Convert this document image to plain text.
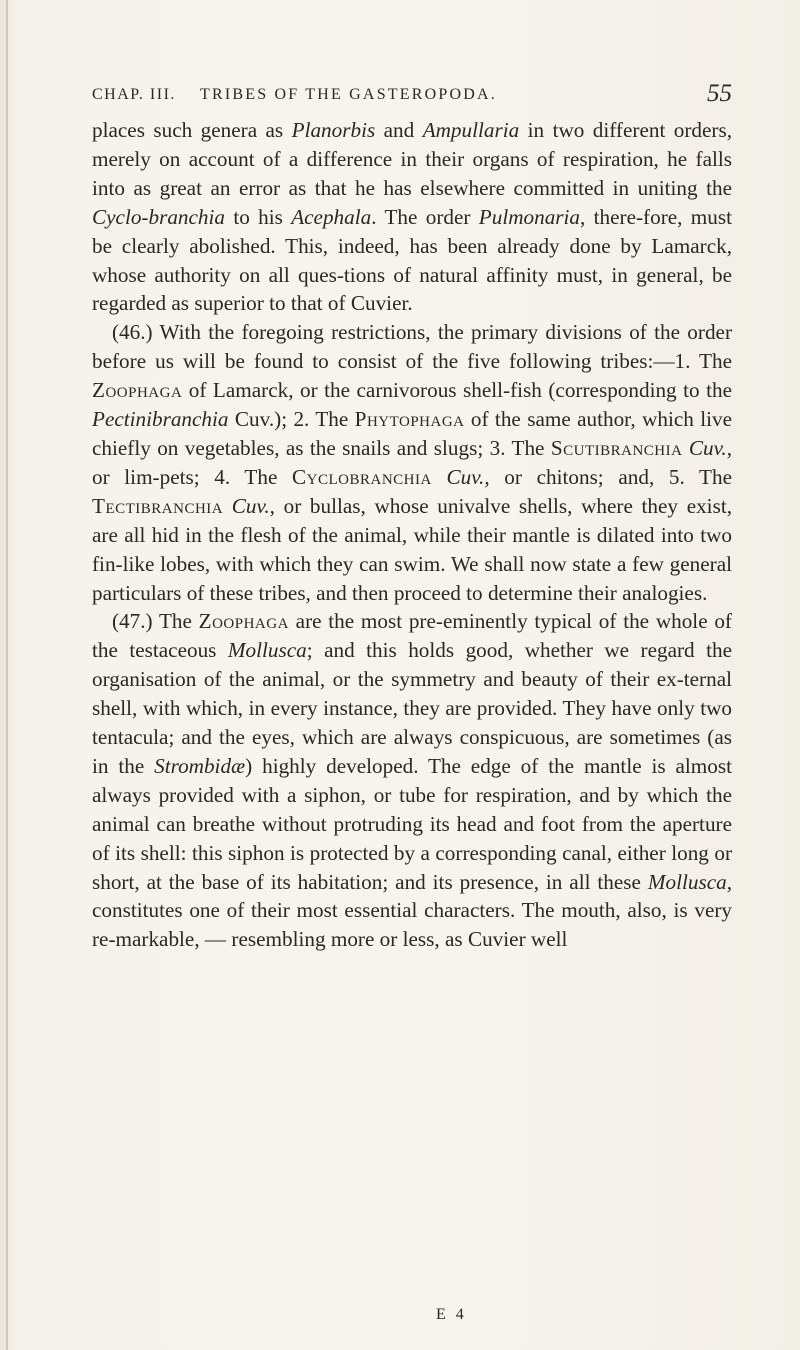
CHAP. III. TRIBES OF THE GASTEROPODA.	55

places such genera as Planorbis and Ampullaria in two different orders, merely on account of a difference in their organs of respiration, he falls into as great an error as that he has elsewhere committed in uniting the Cyclo-branchia to his Acephala. The order Pulmonaria, there-fore, must be clearly abolished. This, indeed, has been already done by Lamarck, whose authority on all ques-tions of natural affinity must, in general, be regarded as superior to that of Cuvier.

(46.) With the foregoing restrictions, the primary divisions of the order before us will be found to consist of the five following tribes:—1. The Zoophaga of Lamarck, or the carnivorous shell-fish (corresponding to the Pectinibranchia Cuv.); 2. The Phytophaga of the same author, which live chiefly on vegetables, as the snails and slugs; 3. The Scutibranchia Cuv., or lim-pets; 4. The Cyclobranchia Cuv., or chitons; and, 5. The Tectibranchia Cuv., or bullas, whose univalve shells, where they exist, are all hid in the flesh of the animal, while their mantle is dilated into two fin-like lobes, with which they can swim. We shall now state a few general particulars of these tribes, and then proceed to determine their analogies.

(47.) The Zoophaga are the most pre-eminently typical of the whole of the testaceous Mollusca; and this holds good, whether we regard the organisation of the animal, or the symmetry and beauty of their ex-ternal shell, with which, in every instance, they are provided. They have only two tentacula; and the eyes, which are always conspicuous, are sometimes (as in the Strombidæ) highly developed. The edge of the mantle is almost always provided with a siphon, or tube for respiration, and by which the animal can breathe without protruding its head and foot from the aperture of its shell: this siphon is protected by a corresponding canal, either long or short, at the base of its habitation; and its presence, in all these Mollusca, constitutes one of their most essential characters. The mouth, also, is very re-markable, — resembling more or less, as Cuvier well

E 4
